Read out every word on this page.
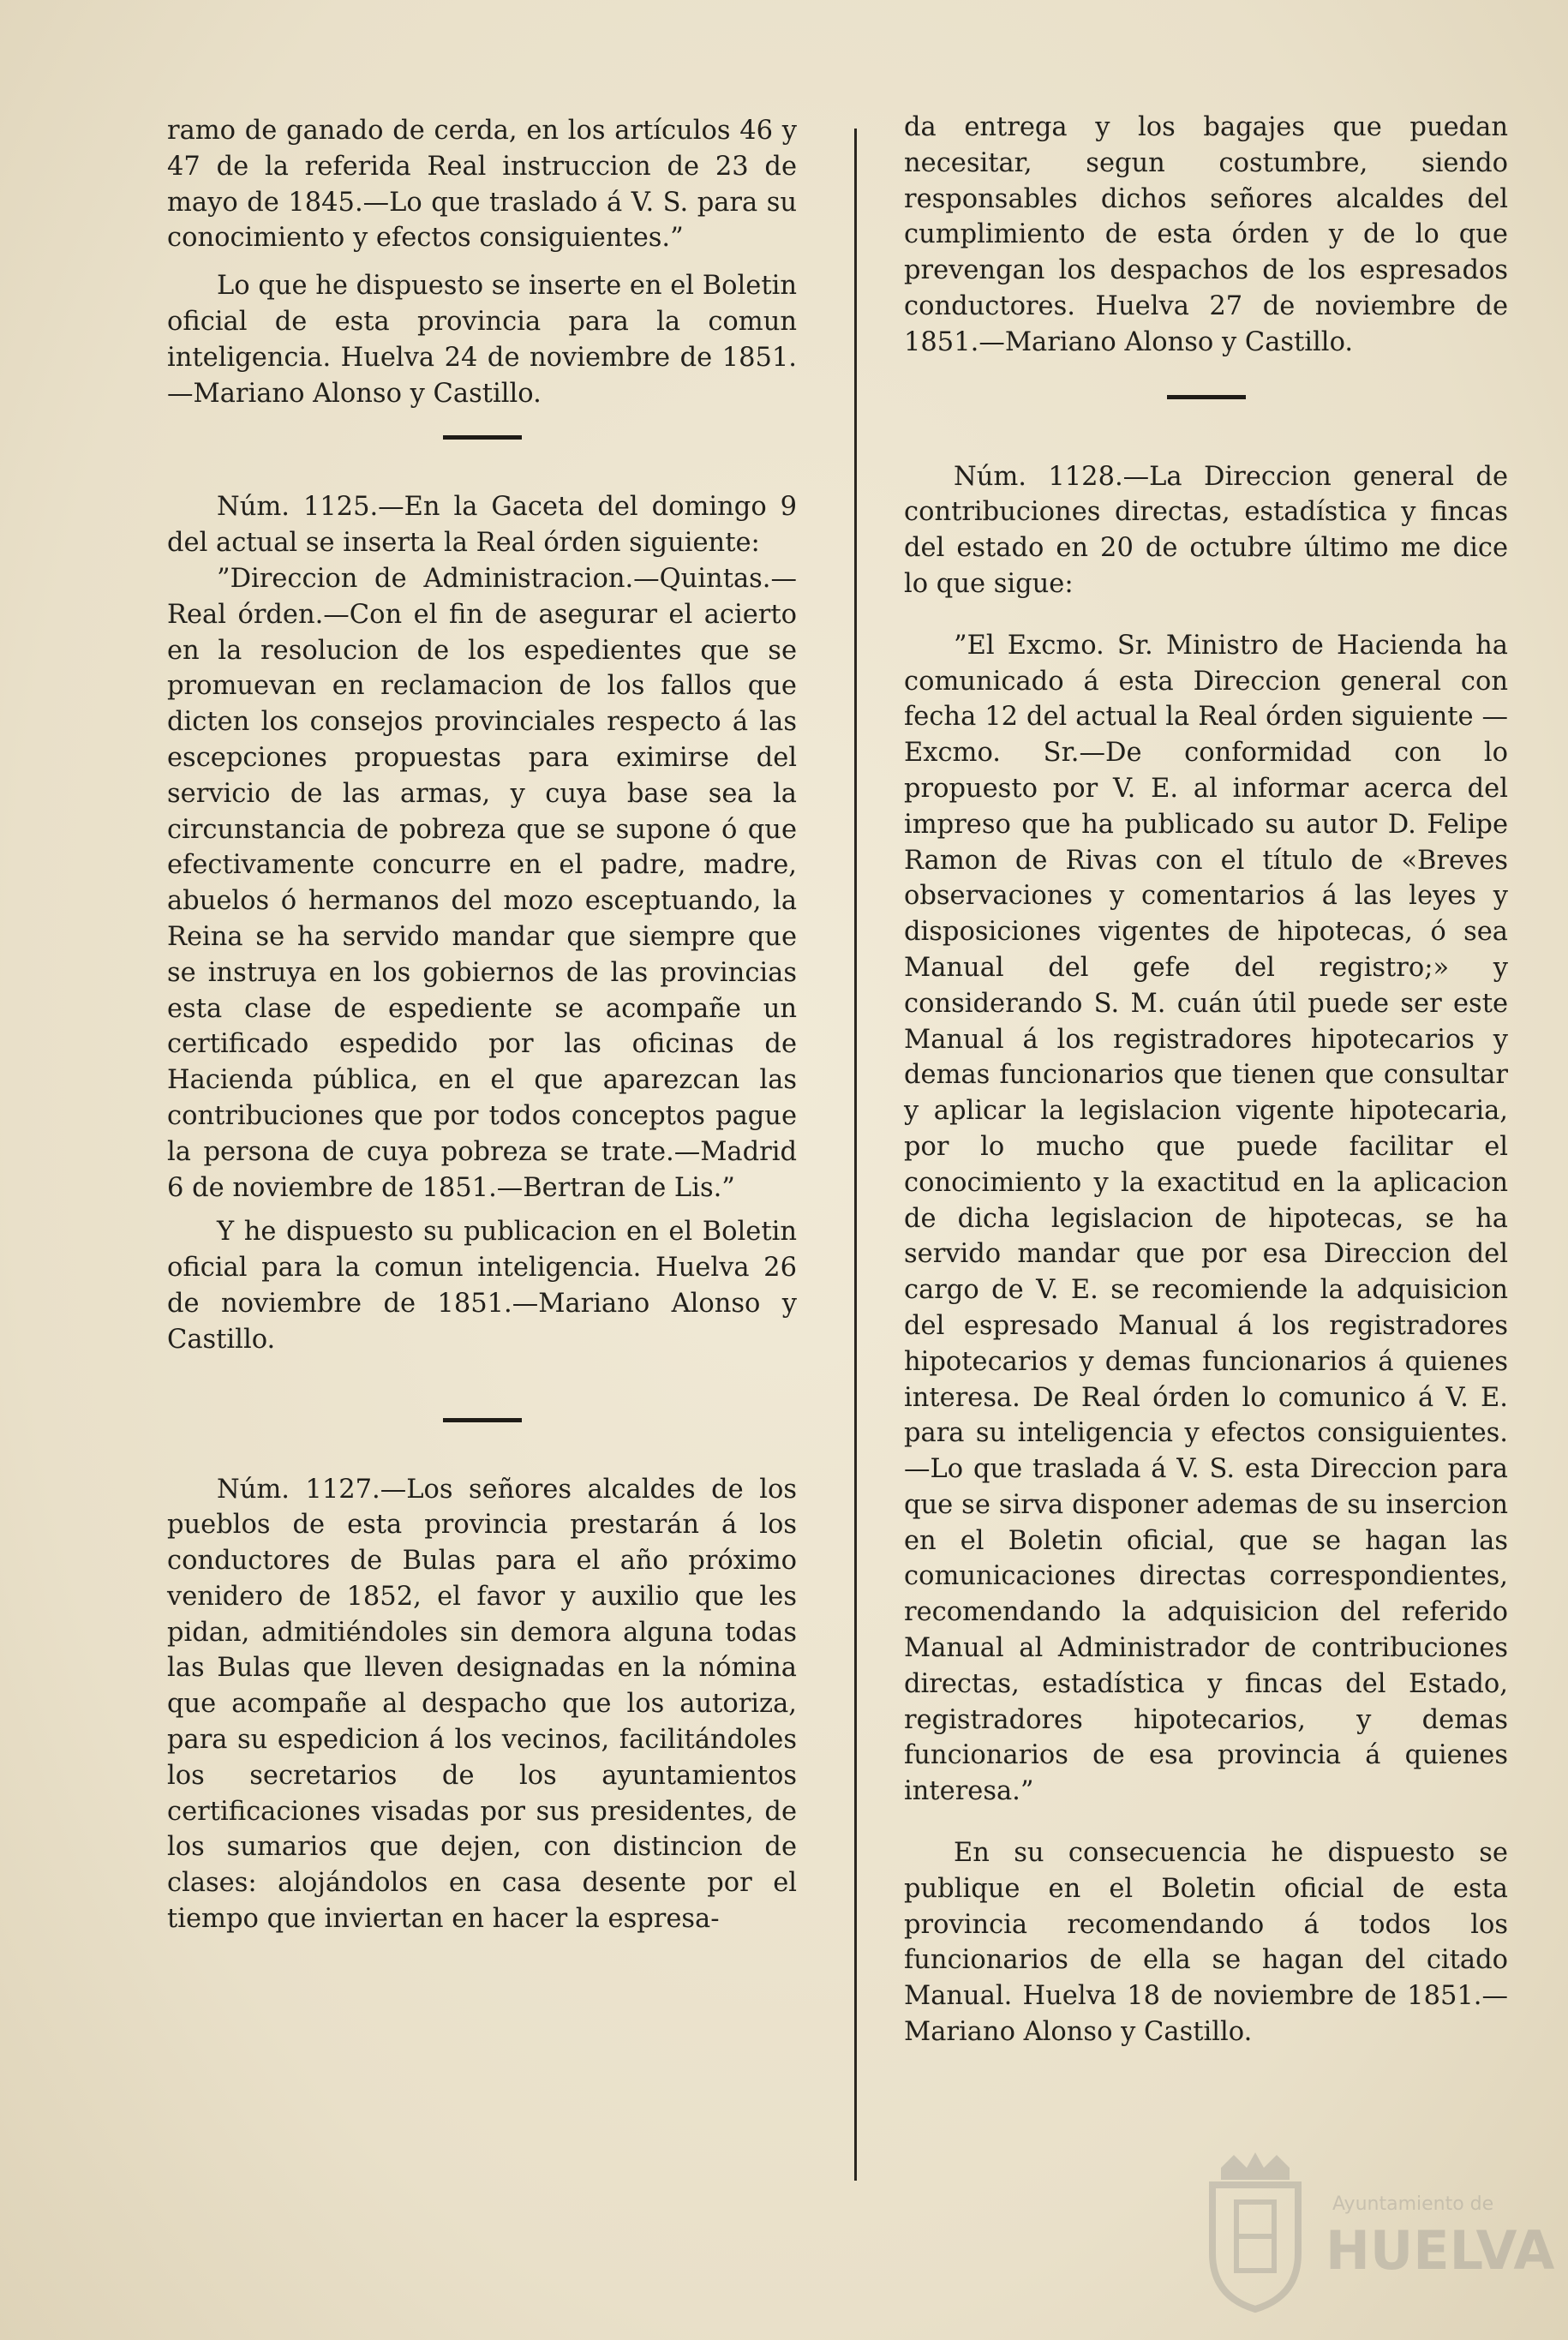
ramo de ganado de cerda, en los artículos 46 y 47 de la referida Real instruccion de 23 de mayo de 1845.—Lo que traslado á V. S. para su conocimiento y efectos consiguientes.”

Lo que he dispuesto se inserte en el Boletin oficial de esta provincia para la comun inteligencia. Huelva 24 de noviembre de 1851.—Mariano Alonso y Castillo.

Núm. 1125.—En la Gaceta del domingo 9 del actual se inserta la Real órden siguiente:

”Direccion de Administracion.—Quintas.—Real órden.—Con el fin de asegurar el acierto en la resolucion de los espedientes que se promuevan en reclamacion de los fallos que dicten los consejos provinciales respecto á las escepciones propuestas para eximirse del servicio de las armas, y cuya base sea la circunstancia de pobreza que se supone ó que efectivamente concurre en el padre, madre, abuelos ó hermanos del mozo esceptuando, la Reina se ha servido mandar que siempre que se instruya en los gobiernos de las provincias esta clase de espediente se acompañe un certificado espedido por las oficinas de Hacienda pública, en el que aparezcan las contribuciones que por todos conceptos pague la persona de cuya pobreza se trate.—Madrid 6 de noviembre de 1851.—Bertran de Lis.”

Y he dispuesto su publicacion en el Boletin oficial para la comun inteligencia. Huelva 26 de noviembre de 1851.—Mariano Alonso y Castillo.

Núm. 1127.—Los señores alcaldes de los pueblos de esta provincia prestarán á los conductores de Bulas para el año próximo venidero de 1852, el favor y auxilio que les pidan, admitiéndoles sin demora alguna todas las Bulas que lleven designadas en la nómina que acompañe al despacho que los autoriza, para su espedicion á los vecinos, facilitándoles los secretarios de los ayuntamientos certificaciones visadas por sus presidentes, de los sumarios que dejen, con distincion de clases: alojándolos en casa desente por el tiempo que inviertan en hacer la espresa-

da entrega y los bagajes que puedan necesitar, segun costumbre, siendo responsables dichos señores alcaldes del cumplimiento de esta órden y de lo que prevengan los despachos de los espresados conductores. Huelva 27 de noviembre de 1851.—Mariano Alonso y Castillo.

Núm. 1128.—La Direccion general de contribuciones directas, estadística y fincas del estado en 20 de octubre último me dice lo que sigue:

”El Excmo. Sr. Ministro de Hacienda ha comunicado á esta Direccion general con fecha 12 del actual la Real órden siguiente —Excmo. Sr.—De conformidad con lo propuesto por V. E. al informar acerca del impreso que ha publicado su autor D. Felipe Ramon de Rivas con el título de «Breves observaciones y comentarios á las leyes y disposiciones vigentes de hipotecas, ó sea Manual del gefe del registro;» y considerando S. M. cuán útil puede ser este Manual á los registradores hipotecarios y demas funcionarios que tienen que consultar y aplicar la legislacion vigente hipotecaria, por lo mucho que puede facilitar el conocimiento y la exactitud en la aplicacion de dicha legislacion de hipotecas, se ha servido mandar que por esa Direccion del cargo de V. E. se recomiende la adquisicion del espresado Manual á los registradores hipotecarios y demas funcionarios á quienes interesa. De Real órden lo comunico á V. E. para su inteligencia y efectos consiguientes.—Lo que traslada á V. S. esta Direccion para que se sirva disponer ademas de su insercion en el Boletin oficial, que se hagan las comunicaciones directas correspondientes, recomendando la adquisicion del referido Manual al Administrador de contribuciones directas, estadística y fincas del Estado, registradores hipotecarios, y demas funcionarios de esa provincia á quienes interesa.”

En su consecuencia he dispuesto se publique en el Boletin oficial de esta provincia recomendando á todos los funcionarios de ella se hagan del citado Manual. Huelva 18 de noviembre de 1851.—Mariano Alonso y Castillo.

Ayuntamiento de
HUELVA
